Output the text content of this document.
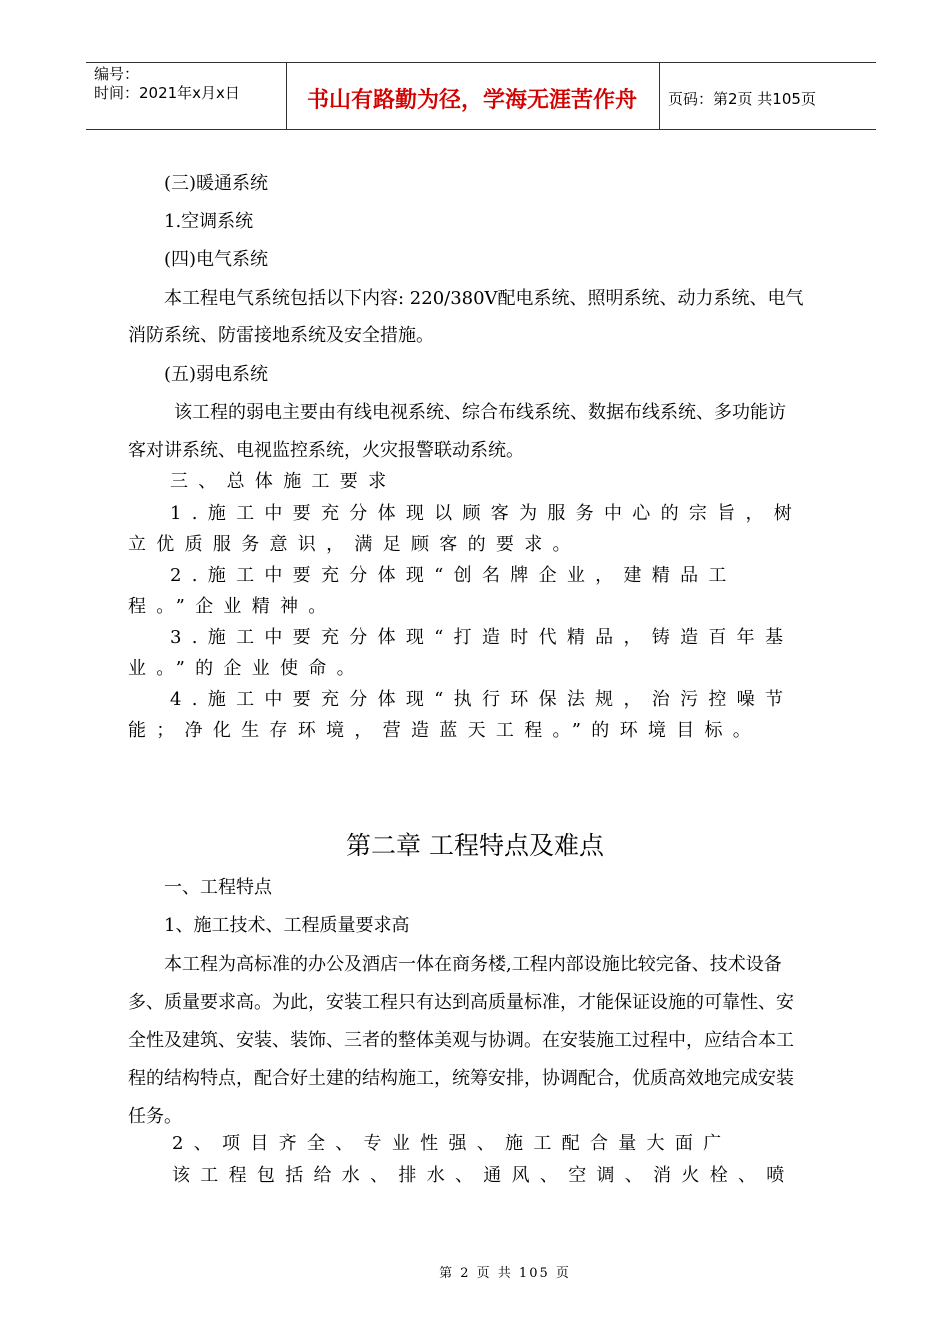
编号：
时间：2021年x月x日	书山有路勤为径，学海无涯苦作舟	页码：第2页 共105页
(三)暖通系统
1.空调系统
(四)电气系统
本工程电气系统包括以下内容: 220/380V配电系统、照明系统、动力系统、电气
消防系统、防雷接地系统及安全措施。
(五)弱电系统
该工程的弱电主要由有线电视系统、综合布线系统、数据布线系统、多功能访
客对讲系统、电视监控系统，火灾报警联动系统。
三、总体施工要求
1.施工中要充分体现以顾客为服务中心的宗旨，树
立优质服务意识，满足顾客的要求。
2.施工中要充分体现“创名牌企业，建精品工
程。”企业精神。
3.施工中要充分体现“打造时代精品，铸造百年基
业。”的企业使命。
4.施工中要充分体现“执行环保法规，治污控噪节
能；净化生存环境，营造蓝天工程。”的环境目标。
第二章 工程特点及难点
一、工程特点
1、施工技术、工程质量要求高
本工程为高标准的办公及酒店一体在商务楼,工程内部设施比较完备、技术设备
多、质量要求高。为此，安装工程只有达到高质量标准，才能保证设施的可靠性、安
全性及建筑、安装、装饰、三者的整体美观与协调。在安装施工过程中，应结合本工
程的结构特点，配合好土建的结构施工，统筹安排，协调配合，优质高效地完成安装
任务。
2、项目齐全、专业性强、施工配合量大面广
该工程包括给水、排水、通风、空调、消火栓、喷
第 2 页 共 105 页
